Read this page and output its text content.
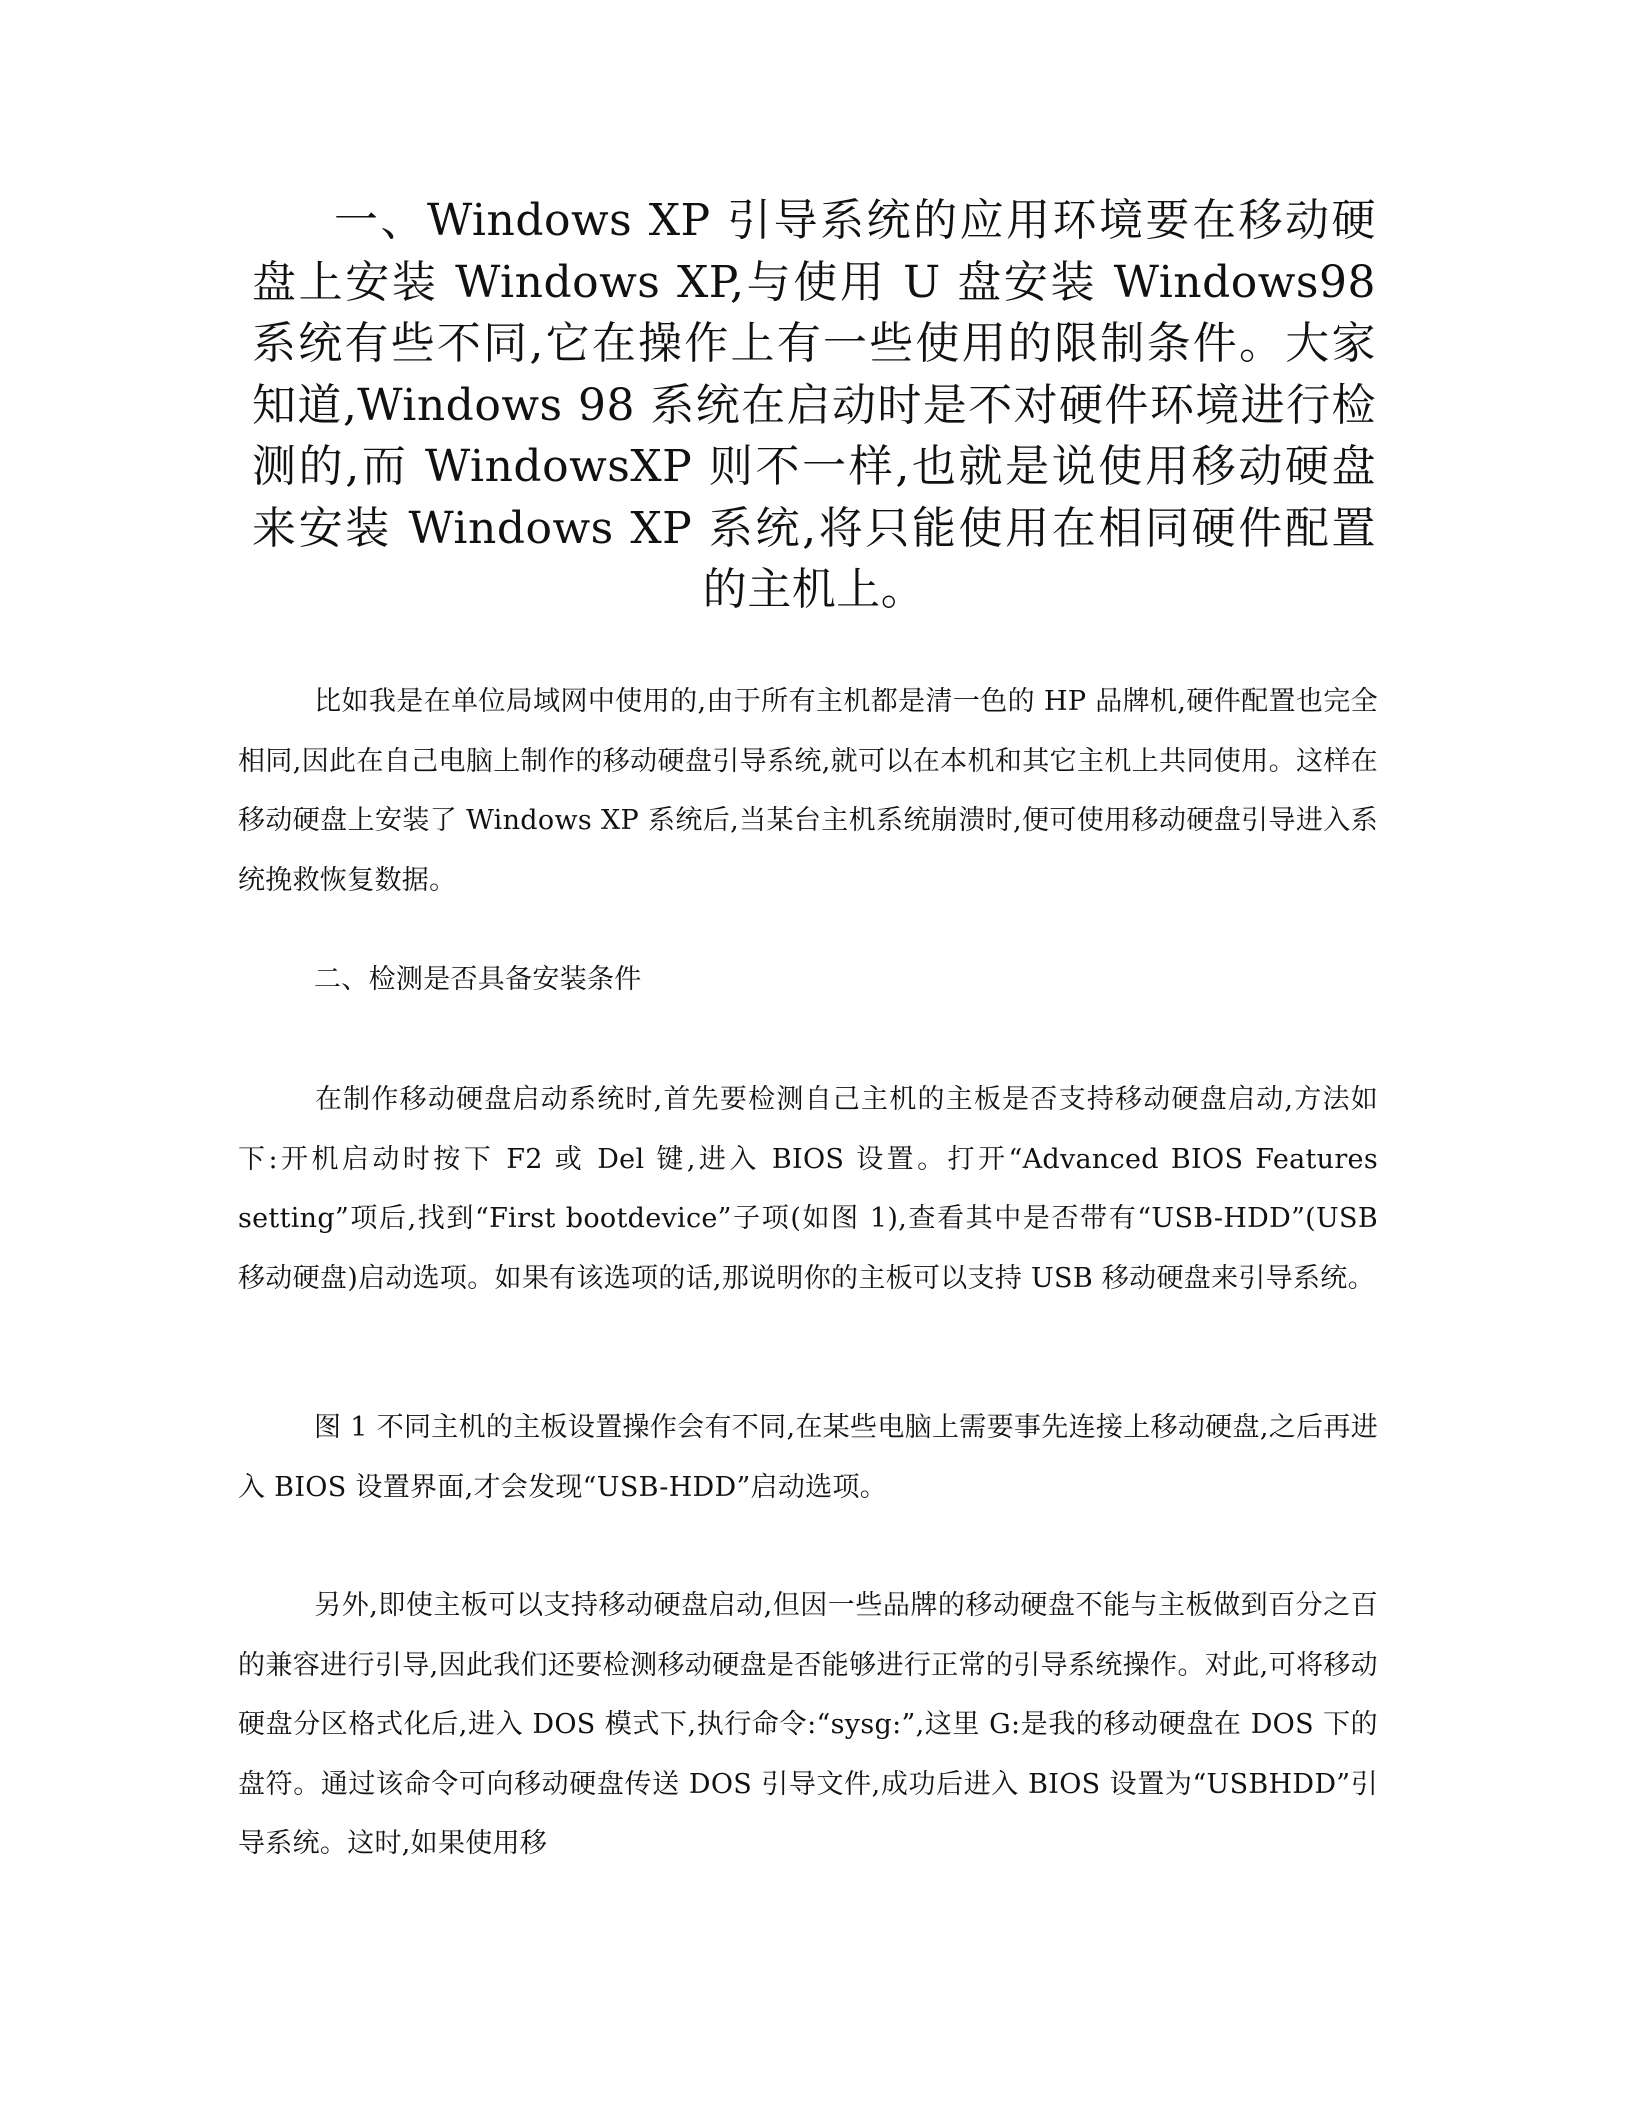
一、Windows XP 引导系统的应用环境要在移动硬盘上安装 Windows XP,与使用 U 盘安装 Windows98 系统有些不同,它在操作上有一些使用的限制条件。大家知道,Windows 98 系统在启动时是不对硬件环境进行检测的,而 WindowsXP 则不一样,也就是说使用移动硬盘来安装 Windows XP 系统,将只能使用在相同硬件配置的主机上。

比如我是在单位局域网中使用的,由于所有主机都是清一色的 HP 品牌机,硬件配置也完全相同,因此在自己电脑上制作的移动硬盘引导系统,就可以在本机和其它主机上共同使用。这样在移动硬盘上安装了 Windows XP 系统后,当某台主机系统崩溃时,便可使用移动硬盘引导进入系统挽救恢复数据。

二、检测是否具备安装条件

在制作移动硬盘启动系统时,首先要检测自己主机的主板是否支持移动硬盘启动,方法如下:开机启动时按下 F2 或 Del 键,进入 BIOS 设置。打开“Advanced BIOS Features setting”项后,找到“First bootdevice”子项(如图 1),查看其中是否带有“USB-HDD”(USB 移动硬盘)启动选项。如果有该选项的话,那说明你的主板可以支持 USB 移动硬盘来引导系统。

图 1 不同主机的主板设置操作会有不同,在某些电脑上需要事先连接上移动硬盘,之后再进入 BIOS 设置界面,才会发现“USB-HDD”启动选项。

另外,即使主板可以支持移动硬盘启动,但因一些品牌的移动硬盘不能与主板做到百分之百的兼容进行引导,因此我们还要检测移动硬盘是否能够进行正常的引导系统操作。对此,可将移动硬盘分区格式化后,进入 DOS 模式下,执行命令:“sysg:”,这里 G:是我的移动硬盘在 DOS 下的盘符。通过该命令可向移动硬盘传送 DOS 引导文件,成功后进入 BIOS 设置为“USBHDD”引导系统。这时,如果使用移
